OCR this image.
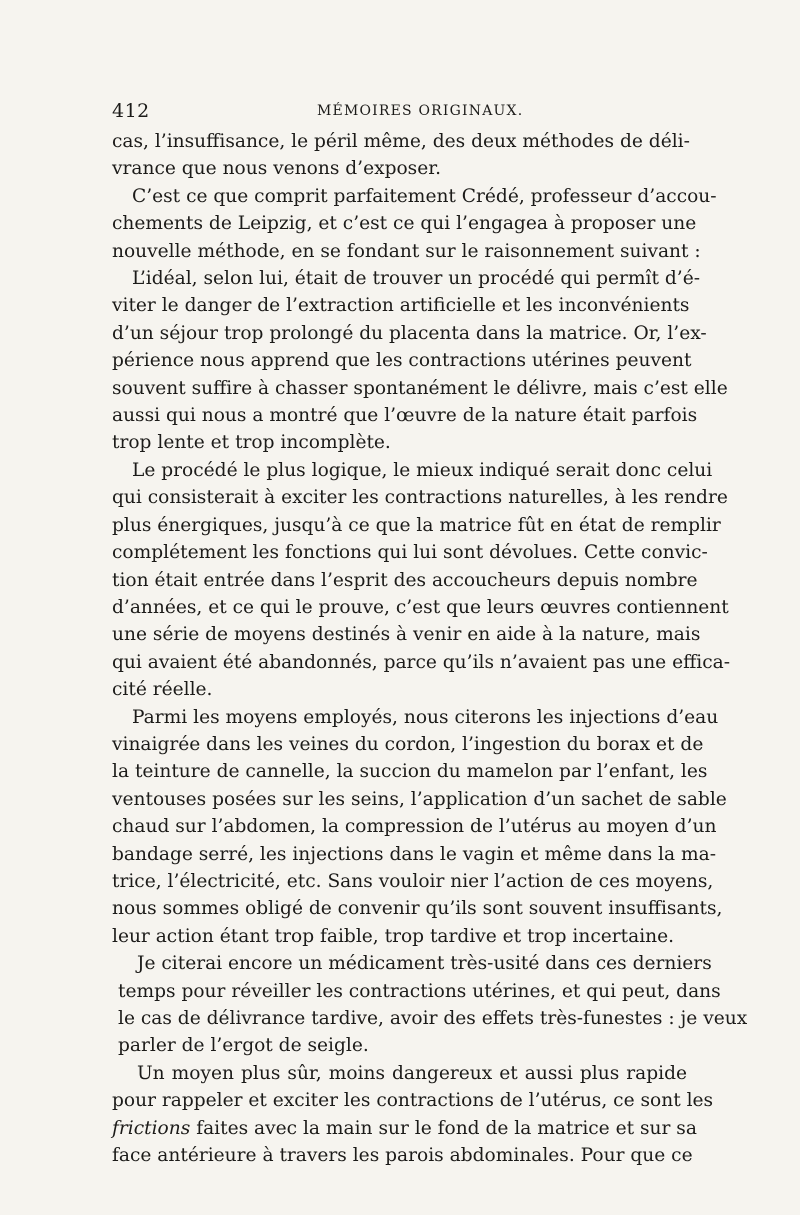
412	MÉMOIRES ORIGINAUX.
cas, l’insuffisance, le péril même, des deux méthodes de déli-
vrance que nous venons d’exposer.
C’est ce que comprit parfaitement Crédé, professeur d’accou-
chements de Leipzig, et c’est ce qui l’engagea à proposer une
nouvelle méthode, en se fondant sur le raisonnement suivant :
L’idéal, selon lui, était de trouver un procédé qui permît d’é-
viter le danger de l’extraction artificielle et les inconvénients
d’un séjour trop prolongé du placenta dans la matrice. Or, l’ex-
périence nous apprend que les contractions utérines peuvent
souvent suffire à chasser spontanément le délivre, mais c’est elle
aussi qui nous a montré que l’œuvre de la nature était parfois
trop lente et trop incomplète.
Le procédé le plus logique, le mieux indiqué serait donc celui
qui consisterait à exciter les contractions naturelles, à les rendre
plus énergiques, jusqu’à ce que la matrice fût en état de remplir
complétement les fonctions qui lui sont dévolues. Cette convic-
tion était entrée dans l’esprit des accoucheurs depuis nombre
d’années, et ce qui le prouve, c’est que leurs œuvres contiennent
une série de moyens destinés à venir en aide à la nature, mais
qui avaient été abandonnés, parce qu’ils n’avaient pas une effica-
cité réelle.
Parmi les moyens employés, nous citerons les injections d’eau
vinaigrée dans les veines du cordon, l’ingestion du borax et de
la teinture de cannelle, la succion du mamelon par l’enfant, les
ventouses posées sur les seins, l’application d’un sachet de sable
chaud sur l’abdomen, la compression de l’utérus au moyen d’un
bandage serré, les injections dans le vagin et même dans la ma-
trice, l’électricité, etc. Sans vouloir nier l’action de ces moyens,
nous sommes obligé de convenir qu’ils sont souvent insuffisants,
leur action étant trop faible, trop tardive et trop incertaine.
Je citerai encore un médicament très-usité dans ces derniers
temps pour réveiller les contractions utérines, et qui peut, dans
le cas de délivrance tardive, avoir des effets très-funestes : je veux
parler de l’ergot de seigle.
Un moyen plus sûr, moins dangereux et aussi plus rapide
pour rappeler et exciter les contractions de l’utérus, ce sont les
frictions faites avec la main sur le fond de la matrice et sur sa
face antérieure à travers les parois abdominales. Pour que ce
